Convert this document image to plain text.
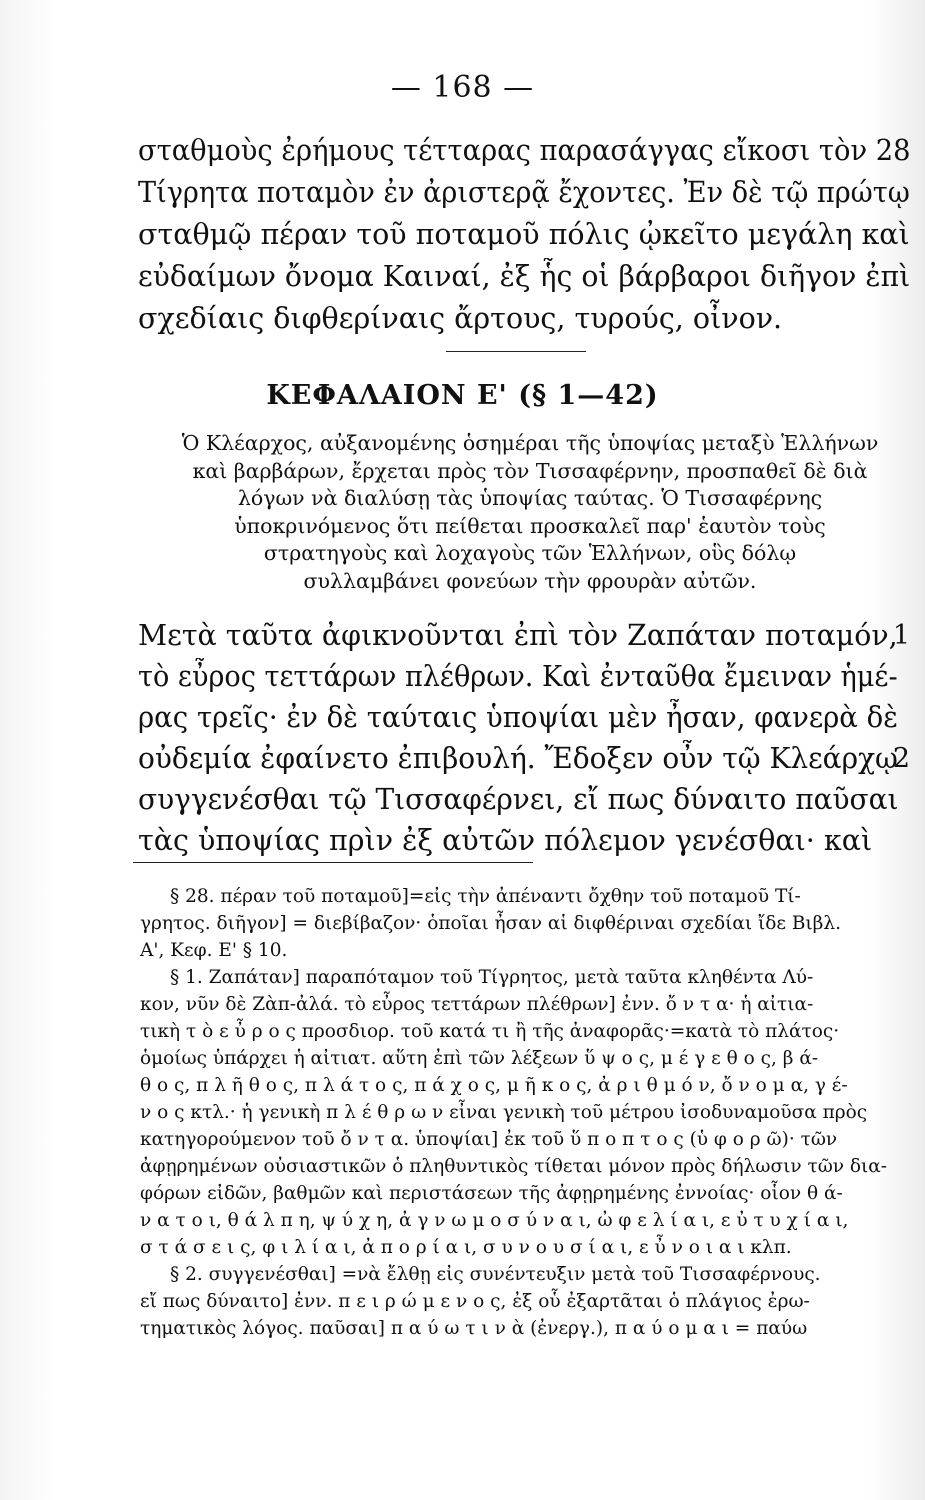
— 168 —
σταθμοὺς ἐρήμους τέτταρας παρασάγγας εἴκοσι τὸν 28
Τίγρητα ποταμὸν ἐν ἀριστερᾷ ἔχοντες. Ἐν δὲ τῷ πρώτῳ
σταθμῷ πέραν τοῦ ποταμοῦ πόλις ᾠκεῖτο μεγάλη καὶ
εὐδαίμων ὄνομα Καιναί, ἐξ ἧς οἱ βάρβαροι διῆγον ἐπὶ
σχεδίαις διφθερίναις ἄρτους, τυρούς, οἶνον.
ΚΕΦΑΛΑΙΟΝ Ε' (§ 1—42)
Ὁ Κλέαρχος, αὐξανομένης ὁσημέραι τῆς ὑποψίας μεταξὺ Ἑλλήνων
καὶ βαρβάρων, ἔρχεται πρὸς τὸν Τισσαφέρνην, προσπαθεῖ δὲ διὰ
λόγων νὰ διαλύσῃ τὰς ὑποψίας ταύτας. Ὁ Τισσαφέρνης
ὑποκρινόμενος ὅτι πείθεται προσκαλεῖ παρ' ἑαυτὸν τοὺς
στρατηγοὺς καὶ λοχαγοὺς τῶν Ἑλλήνων, οὓς δόλῳ
συλλαμβάνει φονεύων τὴν φρουρὰν αὐτῶν.
Μετὰ ταῦτα ἀφικνοῦνται ἐπὶ τὸν Ζαπάταν ποταμόν,
1
τὸ εὖρος τεττάρων πλέθρων. Καὶ ἐνταῦθα ἔμειναν ἡμέ-
ρας τρεῖς· ἐν δὲ ταύταις ὑποψίαι μὲν ἦσαν, φανερὰ δὲ
οὐδεμία ἐφαίνετο ἐπιβουλή. Ἔδοξεν οὖν τῷ Κλεάρχῳ
2
συγγενέσθαι τῷ Τισσαφέρνει, εἴ πως δύναιτο παῦσαι
τὰς ὑποψίας πρὶν ἐξ αὐτῶν πόλεμον γενέσθαι· καὶ
§ 28. πέραν τοῦ ποταμοῦ]=εἰς τὴν ἀπέναντι ὄχθην τοῦ ποταμοῦ Τί-
γρητος. διῆγον] = διεβίβαζον· ὁποῖαι ἦσαν αἱ διφθέριναι σχεδίαι ἴδε Βιβλ.
Α', Κεφ. Ε' § 10.
§ 1. Ζαπάταν] παραπόταμον τοῦ Τίγρητος, μετὰ ταῦτα κληθέντα Λύ-
κον, νῦν δὲ Ζὰπ-ἀλά. τὸ εὖρος τεττάρων πλέθρων] ἐνν. ὄ ν τ α· ἡ αἰτια-
τικὴ τ ὸ ε ὖ ρ ο ς προσδιορ. τοῦ κατά τι ἢ τῆς ἀναφορᾶς·=κατὰ τὸ πλάτος·
ὁμοίως ὑπάρχει ἡ αἰτιατ. αὕτη ἐπὶ τῶν λέξεων ὕ ψ ο ς, μ έ γ ε θ ο ς, β ά-
θ ο ς, π λ ῆ θ ο ς, π λ ά τ ο ς, π ά χ ο ς, μ ῆ κ ο ς, ἀ ρ ι θ μ ό ν, ὄ ν ο μ α, γ έ-
ν ο ς κτλ.· ἡ γενικὴ π λ έ θ ρ ω ν εἶναι γενικὴ τοῦ μέτρου ἰσοδυναμοῦσα πρὸς
κατηγορούμενον τοῦ ὄ ν τ α. ὑποψίαι] ἐκ τοῦ ὕ π ο π τ ο ς (ὑ φ ο ρ ῶ)· τῶν
ἀφῃρημένων οὐσιαστικῶν ὁ πληθυντικὸς τίθεται μόνον πρὸς δήλωσιν τῶν δια-
φόρων εἰδῶν, βαθμῶν καὶ περιστάσεων τῆς ἀφῃρημένης ἐννοίας· οἷον θ ά-
ν α τ ο ι, θ ά λ π η, ψ ύ χ η, ἀ γ ν ω μ ο σ ύ ν α ι, ὠ φ ε λ ί α ι, ε ὐ τ υ χ ί α ι,
σ τ ά σ ε ι ς, φ ι λ ί α ι, ἀ π ο ρ ί α ι, σ υ ν ο υ σ ί α ι, ε ὖ ν ο ι α ι κλπ.
§ 2. συγγενέσθαι] =νὰ ἔλθῃ εἰς συνέντευξιν μετὰ τοῦ Τισσαφέρνους.
εἴ πως δύναιτο] ἐνν. π ε ι ρ ώ μ ε ν ο ς, ἐξ οὗ ἐξαρτᾶται ὁ πλάγιος ἐρω-
τηματικὸς λόγος. παῦσαι] π α ύ ω τ ι ν ὰ (ἐνεργ.), π α ύ ο μ α ι = παύω
